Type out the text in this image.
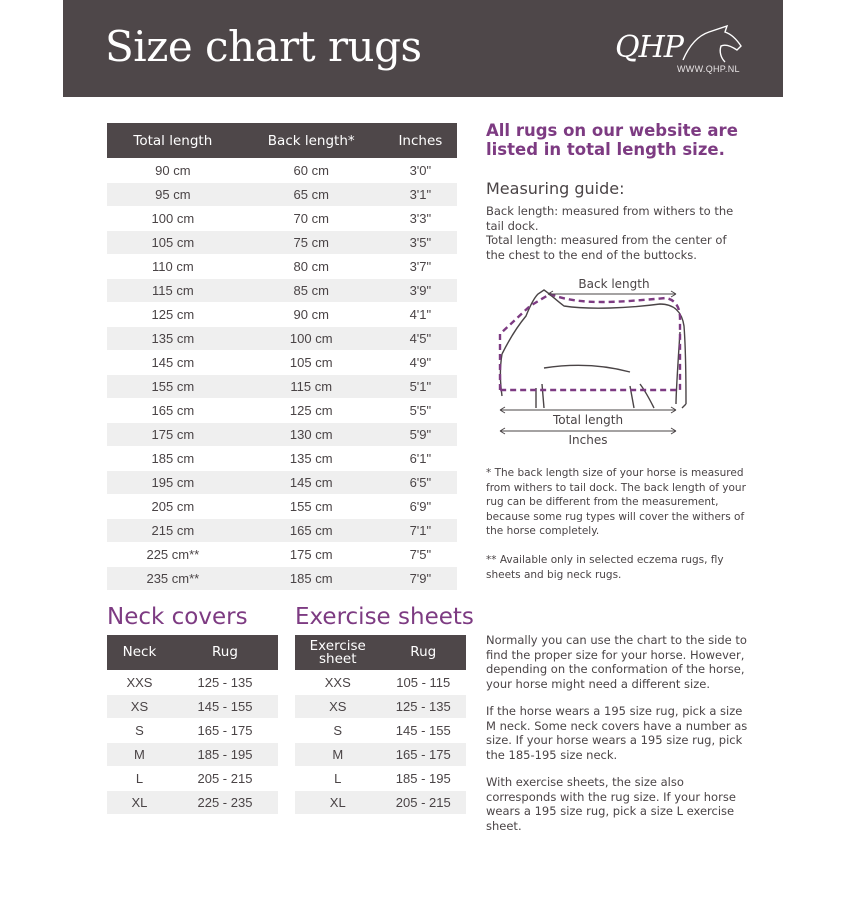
Size chart rugs	QHP
WWW.QHP.NL
Total length	Back length*	Inches
90 cm	60 cm	3'0"
95 cm	65 cm	3'1"
100 cm	70 cm	3'3"
105 cm	75 cm	3'5"
110 cm	80 cm	3'7"
115 cm	85 cm	3'9"
125 cm	90 cm	4'1"
135 cm	100 cm	4'5"
145 cm	105 cm	4'9"
155 cm	115 cm	5'1"
165 cm	125 cm	5'5"
175 cm	130 cm	5'9"
185 cm	135 cm	6'1"
195 cm	145 cm	6'5"
205 cm	155 cm	6'9"
215 cm	165 cm	7'1"
225 cm**	175 cm	7'5"
235 cm**	185 cm	7'9"

All rugs on our website are listed in total length size.

Measuring guide:

Back length: measured from withers to the tail dock.

Total length: measured from the center of the chest to the end of the buttocks.

Back length
Total length
Inches
* The back length size of your horse is measured from withers to tail dock. The back length of your rug can be different from the measurement, because some rug types will cover the withers of the horse completely.
** Available only in selected eczema rugs, fly sheets and big neck rugs.
Neck covers
Neck	Rug
XXS	125 - 135
XS	145 - 155
S	165 - 175
M	185 - 195
L	205 - 215
XL	225 - 235
Exercise sheets
Exercise sheet	Rug
XXS	105 - 115
XS	125 - 135
S	145 - 155
M	165 - 175
L	185 - 195
XL	205 - 215

Normally you can use the chart to the side to find the proper size for your horse. However, depending on the conformation of the horse, your horse might need a different size.

If the horse wears a 195 size rug, pick a size M neck. Some neck covers have a number as size. If your horse wears a 195 size rug, pick the 185-195 size neck.

With exercise sheets, the size also corresponds with the rug size. If your horse wears a 195 size rug, pick a size L exercise sheet.
